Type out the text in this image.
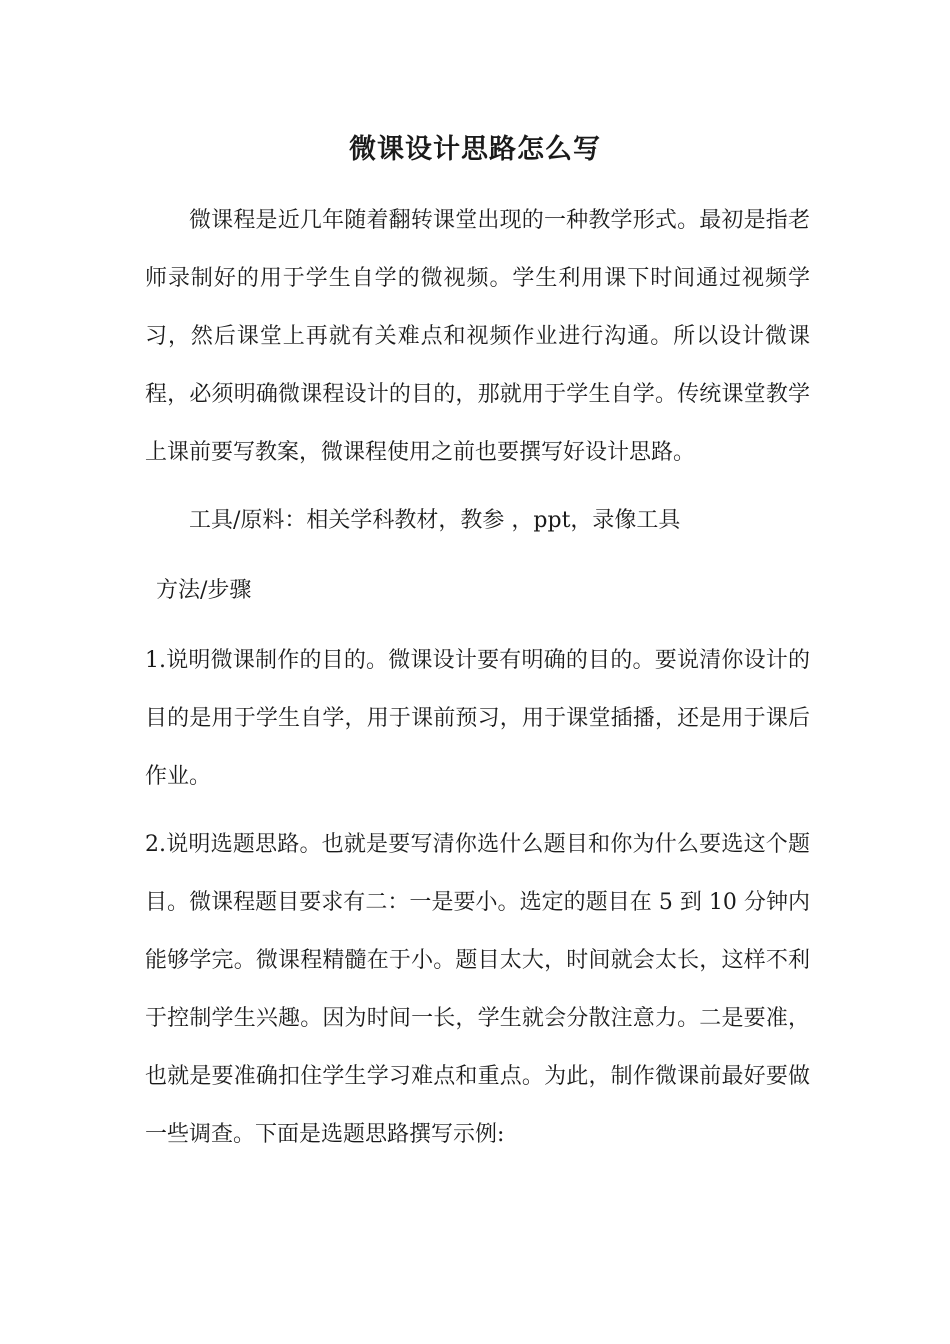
微课设计思路怎么写

微课程是近几年随着翻转课堂出现的一种教学形式。最初是指老师录制好的用于学生自学的微视频。学生利用课下时间通过视频学习，然后课堂上再就有关难点和视频作业进行沟通。所以设计微课程，必须明确微课程设计的目的，那就用于学生自学。传统课堂教学上课前要写教案，微课程使用之前也要撰写好设计思路。

工具/原料：相关学科教材，教参 ，ppt，录像工具

方法/步骤

1.说明微课制作的目的。微课设计要有明确的目的。要说清你设计的目的是用于学生自学，用于课前预习，用于课堂插播，还是用于课后作业。

2.说明选题思路。也就是要写清你选什么题目和你为什么要选这个题目。微课程题目要求有二：一是要小。选定的题目在 5 到 10 分钟内能够学完。微课程精髓在于小。题目太大，时间就会太长，这样不利于控制学生兴趣。因为时间一长，学生就会分散注意力。二是要准，也就是要准确扣住学生学习难点和重点。为此，制作微课前最好要做一些调查。下面是选题思路撰写示例:
